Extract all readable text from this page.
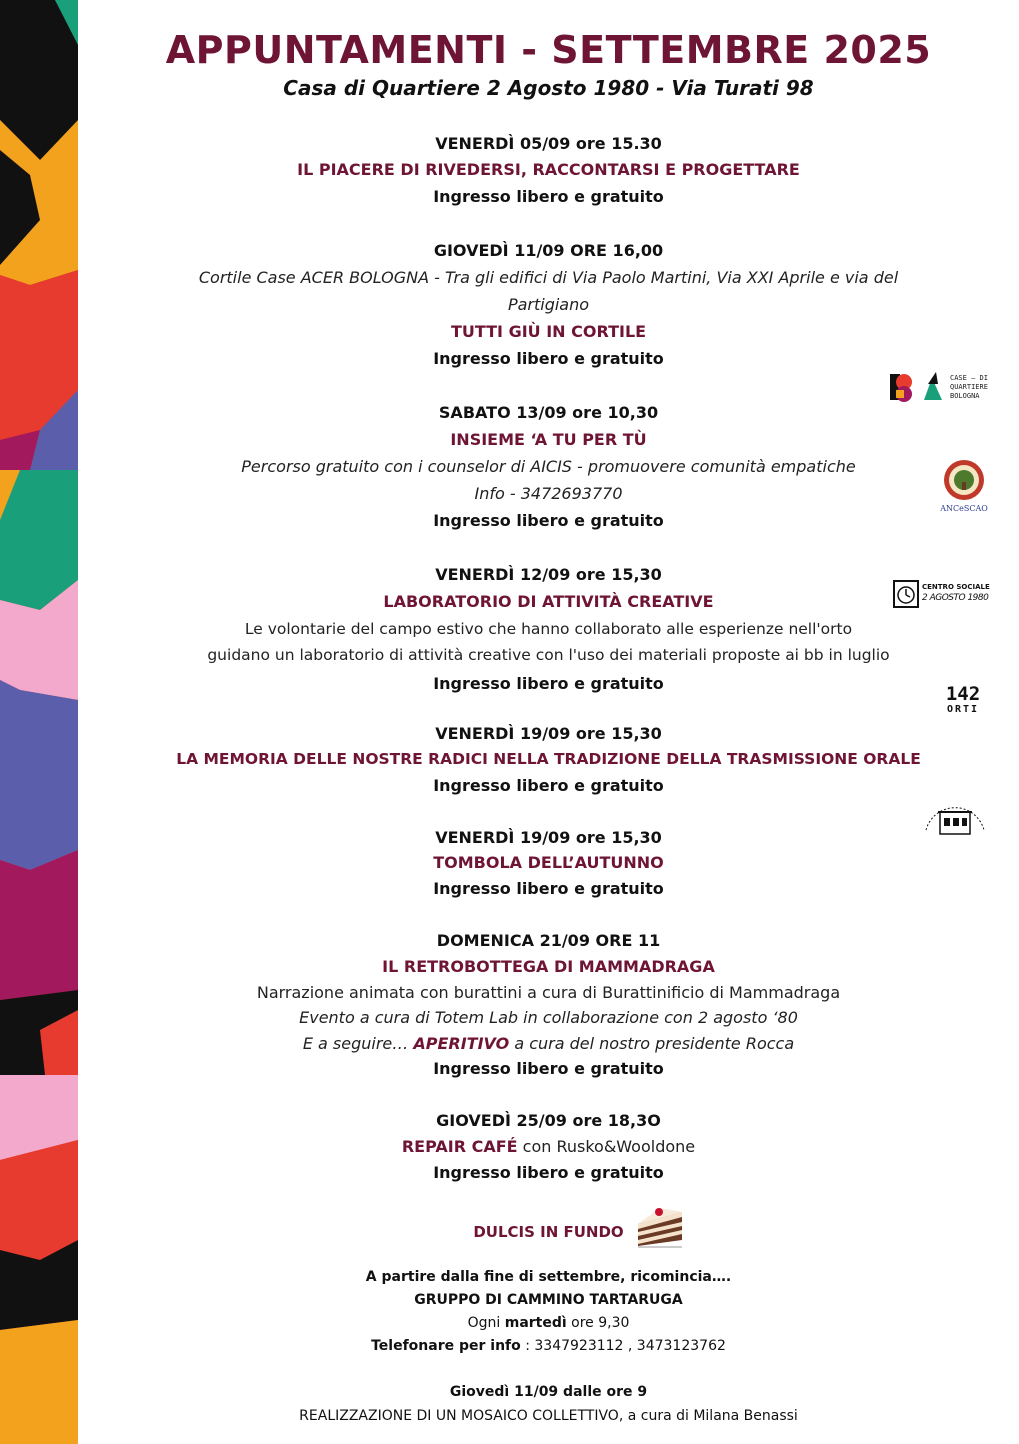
APPUNTAMENTI - SETTEMBRE 2025
Casa di Quartiere 2 Agosto 1980 - Via Turati 98
VENERDÌ 05/09 ore 15.30
IL PIACERE DI RIVEDERSI, RACCONTARSI E PROGETTARE
Ingresso libero e gratuito
GIOVEDÌ 11/09 ORE 16,00
Cortile Case ACER BOLOGNA - Tra gli edifici di Via Paolo Martini, Via XXI Aprile e via del
Partigiano
TUTTI GIÙ IN CORTILE
Ingresso libero e gratuito
SABATO 13/09 ore 10,30
INSIEME ‘A TU PER TÙ
Percorso gratuito con i counselor di AICIS - promuovere comunità empatiche
Info - 3472693770
Ingresso libero e gratuito
VENERDÌ 12/09 ore 15,30
LABORATORIO DI ATTIVITÀ CREATIVE
Le volontarie del campo estivo che hanno collaborato alle esperienze nell'orto
guidano un laboratorio di attività creative con l'uso dei materiali proposte ai bb in luglio
Ingresso libero e gratuito
VENERDÌ 19/09 ore 15,30
LA MEMORIA DELLE NOSTRE RADICI NELLA TRADIZIONE DELLA TRASMISSIONE ORALE
Ingresso libero e gratuito
VENERDÌ 19/09 ore 15,30
TOMBOLA DELL’AUTUNNO
Ingresso libero e gratuito
DOMENICA 21/09 ORE 11
IL RETROBOTTEGA DI MAMMADRAGA
Narrazione animata con burattini a cura di Burattinificio di Mammadraga
Evento a cura di Totem Lab in collaborazione con 2 agosto ‘80
E a seguire… APERITIVO a cura del nostro presidente Rocca
Ingresso libero e gratuito
GIOVEDÌ 25/09 ore 18,3O
REPAIR CAFÉ con Rusko&Wooldone
Ingresso libero e gratuito
DULCIS IN FUNDO
A partire dalla fine di settembre, ricomincia….
GRUPPO DI CAMMINO TARTARUGA
Ogni martedì ore 9,30
Telefonare per info : 3347923112 , 3473123762
Giovedì 11/09 dalle ore 9
REALIZZAZIONE DI UN MOSAICO COLLETTIVO, a cura di Milana Benassi
CASE — DI
QUARTIERE
BOLOGNA
ANCeSCAO
CENTRO SOCIALE
2 AGOSTO 1980
142
ORTI
